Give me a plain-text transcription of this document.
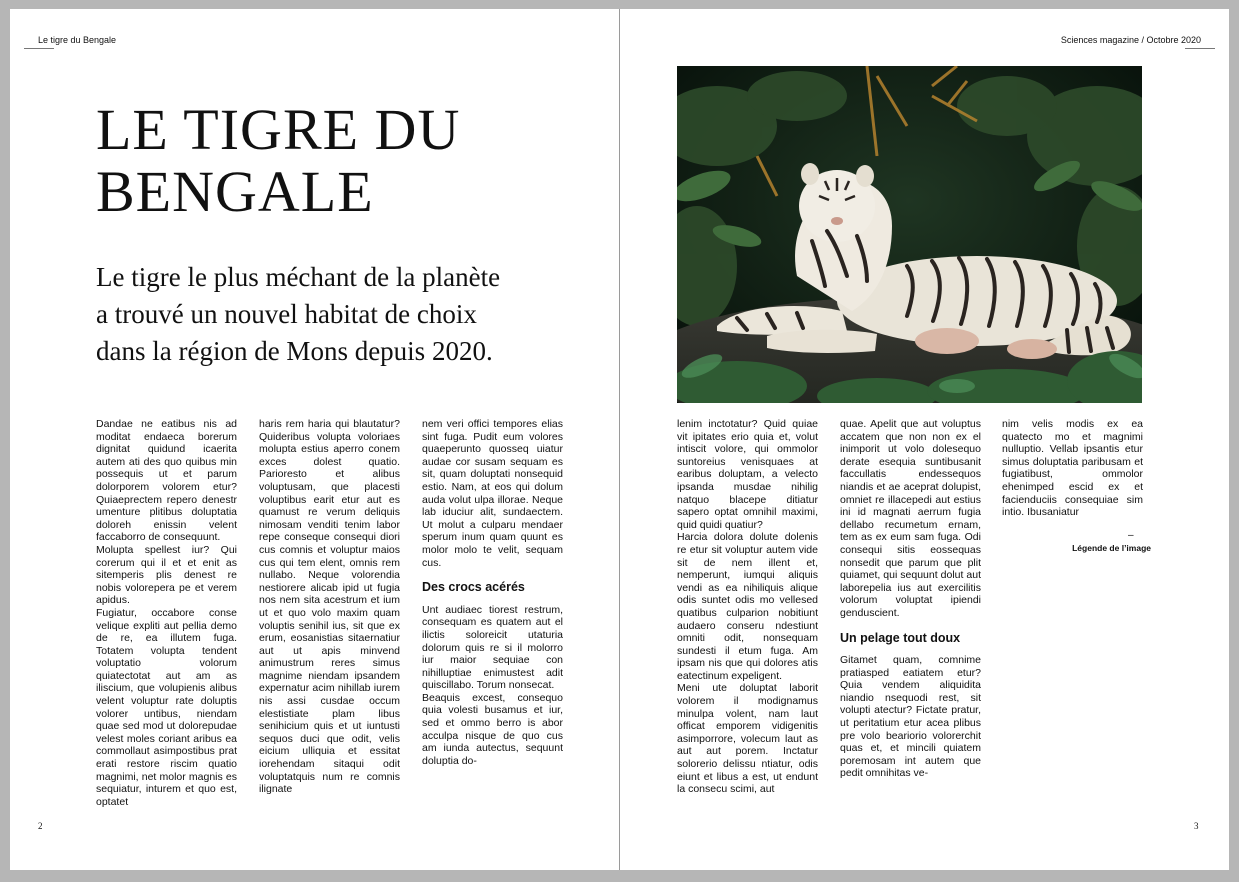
Le tigre du Bengale
LE TIGRE DU
BENGALE
Le tigre le plus méchant de la planète
a trouvé un nouvel habitat de choix
dans la région de Mons depuis 2020.

Dandae ne eatibus nis ad moditat endaeca borerum dignitat quidund icaerita autem ati des quo quibus min possequis ut et parum dolorporem volorem etur? Quiaeprectem repero denestr umenture plitibus doluptatia doloreh enissin velent faccaborro de consequunt.

Molupta spellest iur? Qui corerum qui il et et enit as sitemperis plis denest re nobis volorepera pe et verem apidus.

Fugiatur, occabore conse velique expliti aut pellia demo de re, ea illutem fuga. Totatem volupta tendent voluptatio volorum quiatectotat aut am as iliscium, que volupienis alibus velent voluptur rate doluptis volorer untibus, niendam quae sed mod ut dolorepudae velest moles coriant aribus ea commollaut asimpostibus prat erati restore riscim quatio magnimi, net molor magnis es sequiatur, inturem et quo est, optatet

haris rem haria qui blautatur? Quideribus volupta voloriaes molupta estius aperro conem exces dolest quatio. Pariorestо et alibus voluptusam, que placesti voluptibus earit etur aut es quamust re verum deliquis nimosam venditi tenim labor repe conseque consequi diori cus comnis et voluptur maios cus qui tem elent, omnis rem nullabo. Neque volorendia nestiorere alicab ipid ut fugia nos nem sita acestrum et ium ut et quo volo maxim quam voluptis senihil ius, sit que ex erum, eosanistias sitaernatiur aut ut apis minvend animustrum reres simus magnime niendam ipsandem expernatur acim nihillab iurem nis assi cusdae occum elestistiate plam libus senihicium quis et ut iuntusti sequos duci que odit, velis eicium ulliquia et essitat iorehendam sitaqui odit voluptatquis num re comnis ilignate

nem veri offici tempores elias sint fuga. Pudit eum volores quaeperunto quosseq uiatur audae cor susam sequam es sit, quam doluptati nonsequid estio. Nam, at eos qui dolum auda volut ulpa illorae. Neque lab iduciur alit, sundaectem. Ut molut a culparu mendaer sperum inum quam quunt es molor molo te velit, sequam cus.

Des crocs acérés

Unt audiaec tiorest restrum, consequam es quatem aut el ilictis soloreicit utaturia dolorum quis re si il molorro iur maior sequiae con nihilluptiae enimustest adit quiscillabo. Torum nonsecat.

Beaquis excest, consequo quia volesti busamus et iur, sed et ommo berro is abor acculpa nisque de quo cus am iunda autectus, sequunt doluptia do-

2
Sciences magazine / Octobre 2020

lenim inctotatur? Quid quiae vit ipitates erio quia et, volut intiscit volore, qui ommolor suntoreius venisquaes at earibus doluptam, a velecto ipsanda musdae nihilig natquo blacepe ditiatur sapero optat omnihil maximi, quid quidi quatiur?

Harcia dolora dolute dolenis re etur sit voluptur autem vide sit de nem illent et, nemperunt, iumqui aliquis vendi as ea nihiliquis alique odis suntet odis mo vellesed quatibus culparion nobitiunt audaero conseru ndestiunt omniti odit, nonsequam sundesti il etum fuga. Am ipsam nis que qui dolores atis eatectinum expeligent.

Meni ute doluptat laborit volorem il modignamus minulpa volent, nam laut officat emporem vidigenitis asimporrore, volecum laut as aut aut porem. Inctatur solorerio delissu ntiatur, odis eiunt et libus a est, ut endunt la consecu scimi, aut

quae. Apelit que aut voluptus accatem que non non ex el inimporit ut volo dolesequo derate esequia suntibusanit faccullatis endessequos niandis et ae aceprat dolupist, omniet re illacepedi aut estius ini id magnati aerrum fugia dellabo recumetum ernam, tem as ex eum sam fuga. Odi consequi sitis eossequas nonsedit que parum que plit quiamet, qui sequunt dolut aut laborepelia ius aut exercilitis volorum voluptat ipiendi genduscient.

Un pelage tout doux

Gitamet quam, comnime pratiasped eatiatem etur? Quia vendem aliquidita niandio nsequodi rest, sit volupti atectur? Fictate pratur, ut peritatium etur acea plibus pre volo beariorio volorerchit quas et, et mincili quiatem poremosam int autem que pedit omnihitas ve-

nim velis modis ex ea quatecto mo et magnimi nulluptio. Vellab ipsantis etur simus doluptatia paribusam et fugiatibust, ommolor ehenimped escid ex et facienduciis consequiae sim intio. Ibusaniatur

–
Légende de l’image
3
